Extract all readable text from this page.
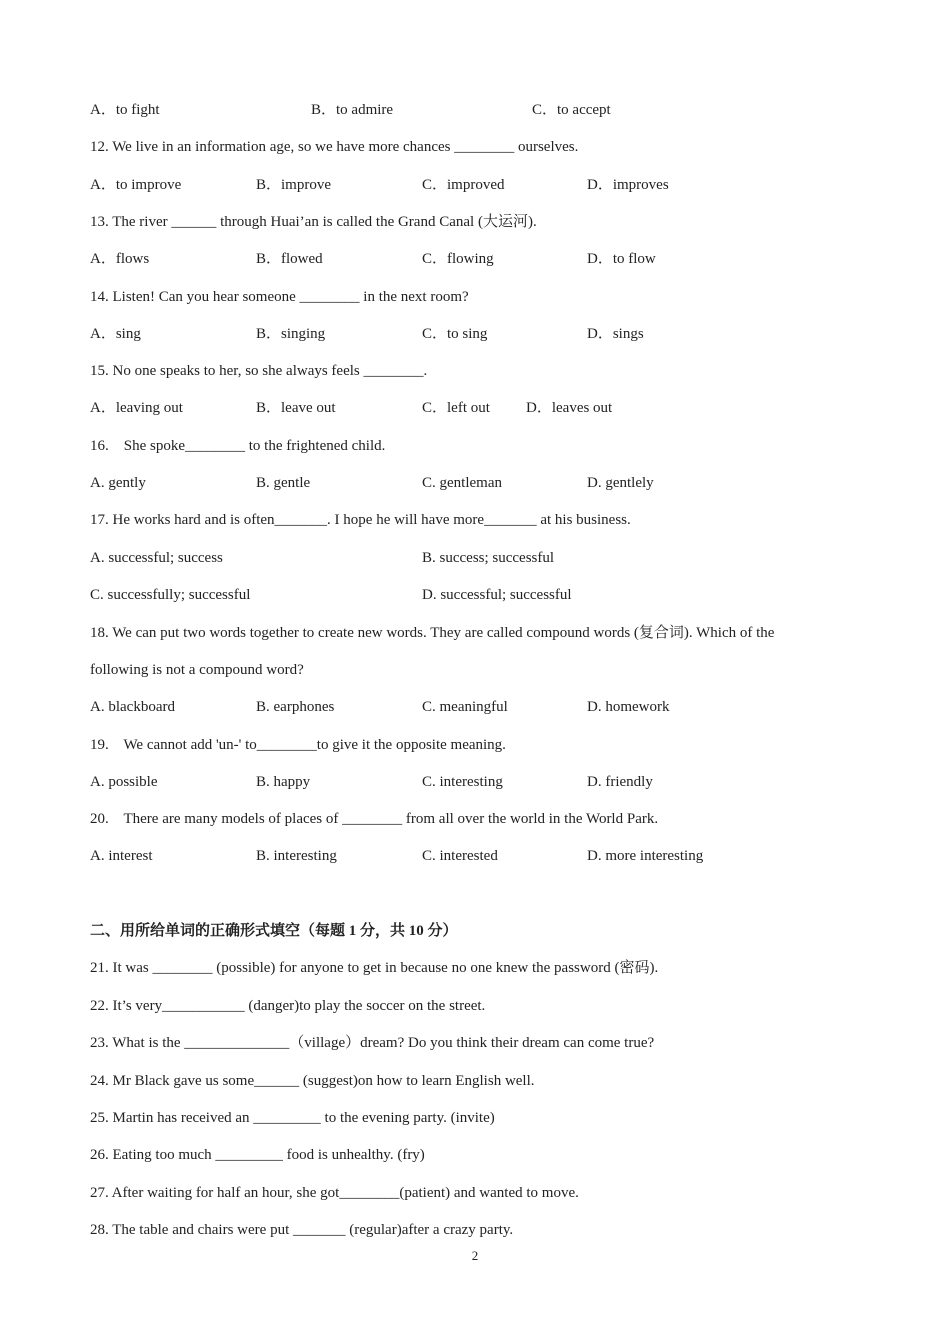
A．to fight	B．to admire	C．to accept
12. We live in an information age, so we have more chances ________ ourselves.
A．to improve	B．improve	C．improved	D．improves
13. The river ______ through Huai’an is called the Grand Canal (大运河).
A．flows	B．flowed	C．flowing	D．to flow
14. Listen! Can you hear someone ________ in the next room?
A．sing	B．singing	C．to sing	D．sings
15. No one speaks to her, so she always feels ________.
A．leaving out	B．leave out	C．left out D．leaves out
16.    She spoke________ to the frightened child.
A. gently	B. gentle	C. gentleman	D. gentlely
17. He works hard and is often_______. I hope he will have more_______ at his business.
A. successful; success	B. success; successful
C. successfully; successful	D. successful; successful
18. We can put two words together to create new words. They are called compound words (复合词). Which of the
following is not a compound word?
A. blackboard	B. earphones	C. meaningful	D. homework
19.    We cannot add 'un-' to________to give it the opposite meaning.
A. possible	B. happy	C. interesting	D. friendly
20.    There are many models of places of ________ from all over the world in the World Park.
A. interest	B. interesting	C. interested	D. more interesting
二、用所给单词的正确形式填空（每题 1 分，共 10 分）
21. It was ________ (possible) for anyone to get in because no one knew the password (密码).
22. It’s very___________ (danger)to play the soccer on the street.
23. What is the ______________（village）dream? Do you think their dream can come true?
24. Mr Black gave us some______ (suggest)on how to learn English well.
25. Martin has received an _________ to the evening party. (invite)
26. Eating too much _________ food is unhealthy. (fry)
27. After waiting for half an hour, she got________(patient) and wanted to move.
28. The table and chairs were put _______ (regular)after a crazy party.
2
